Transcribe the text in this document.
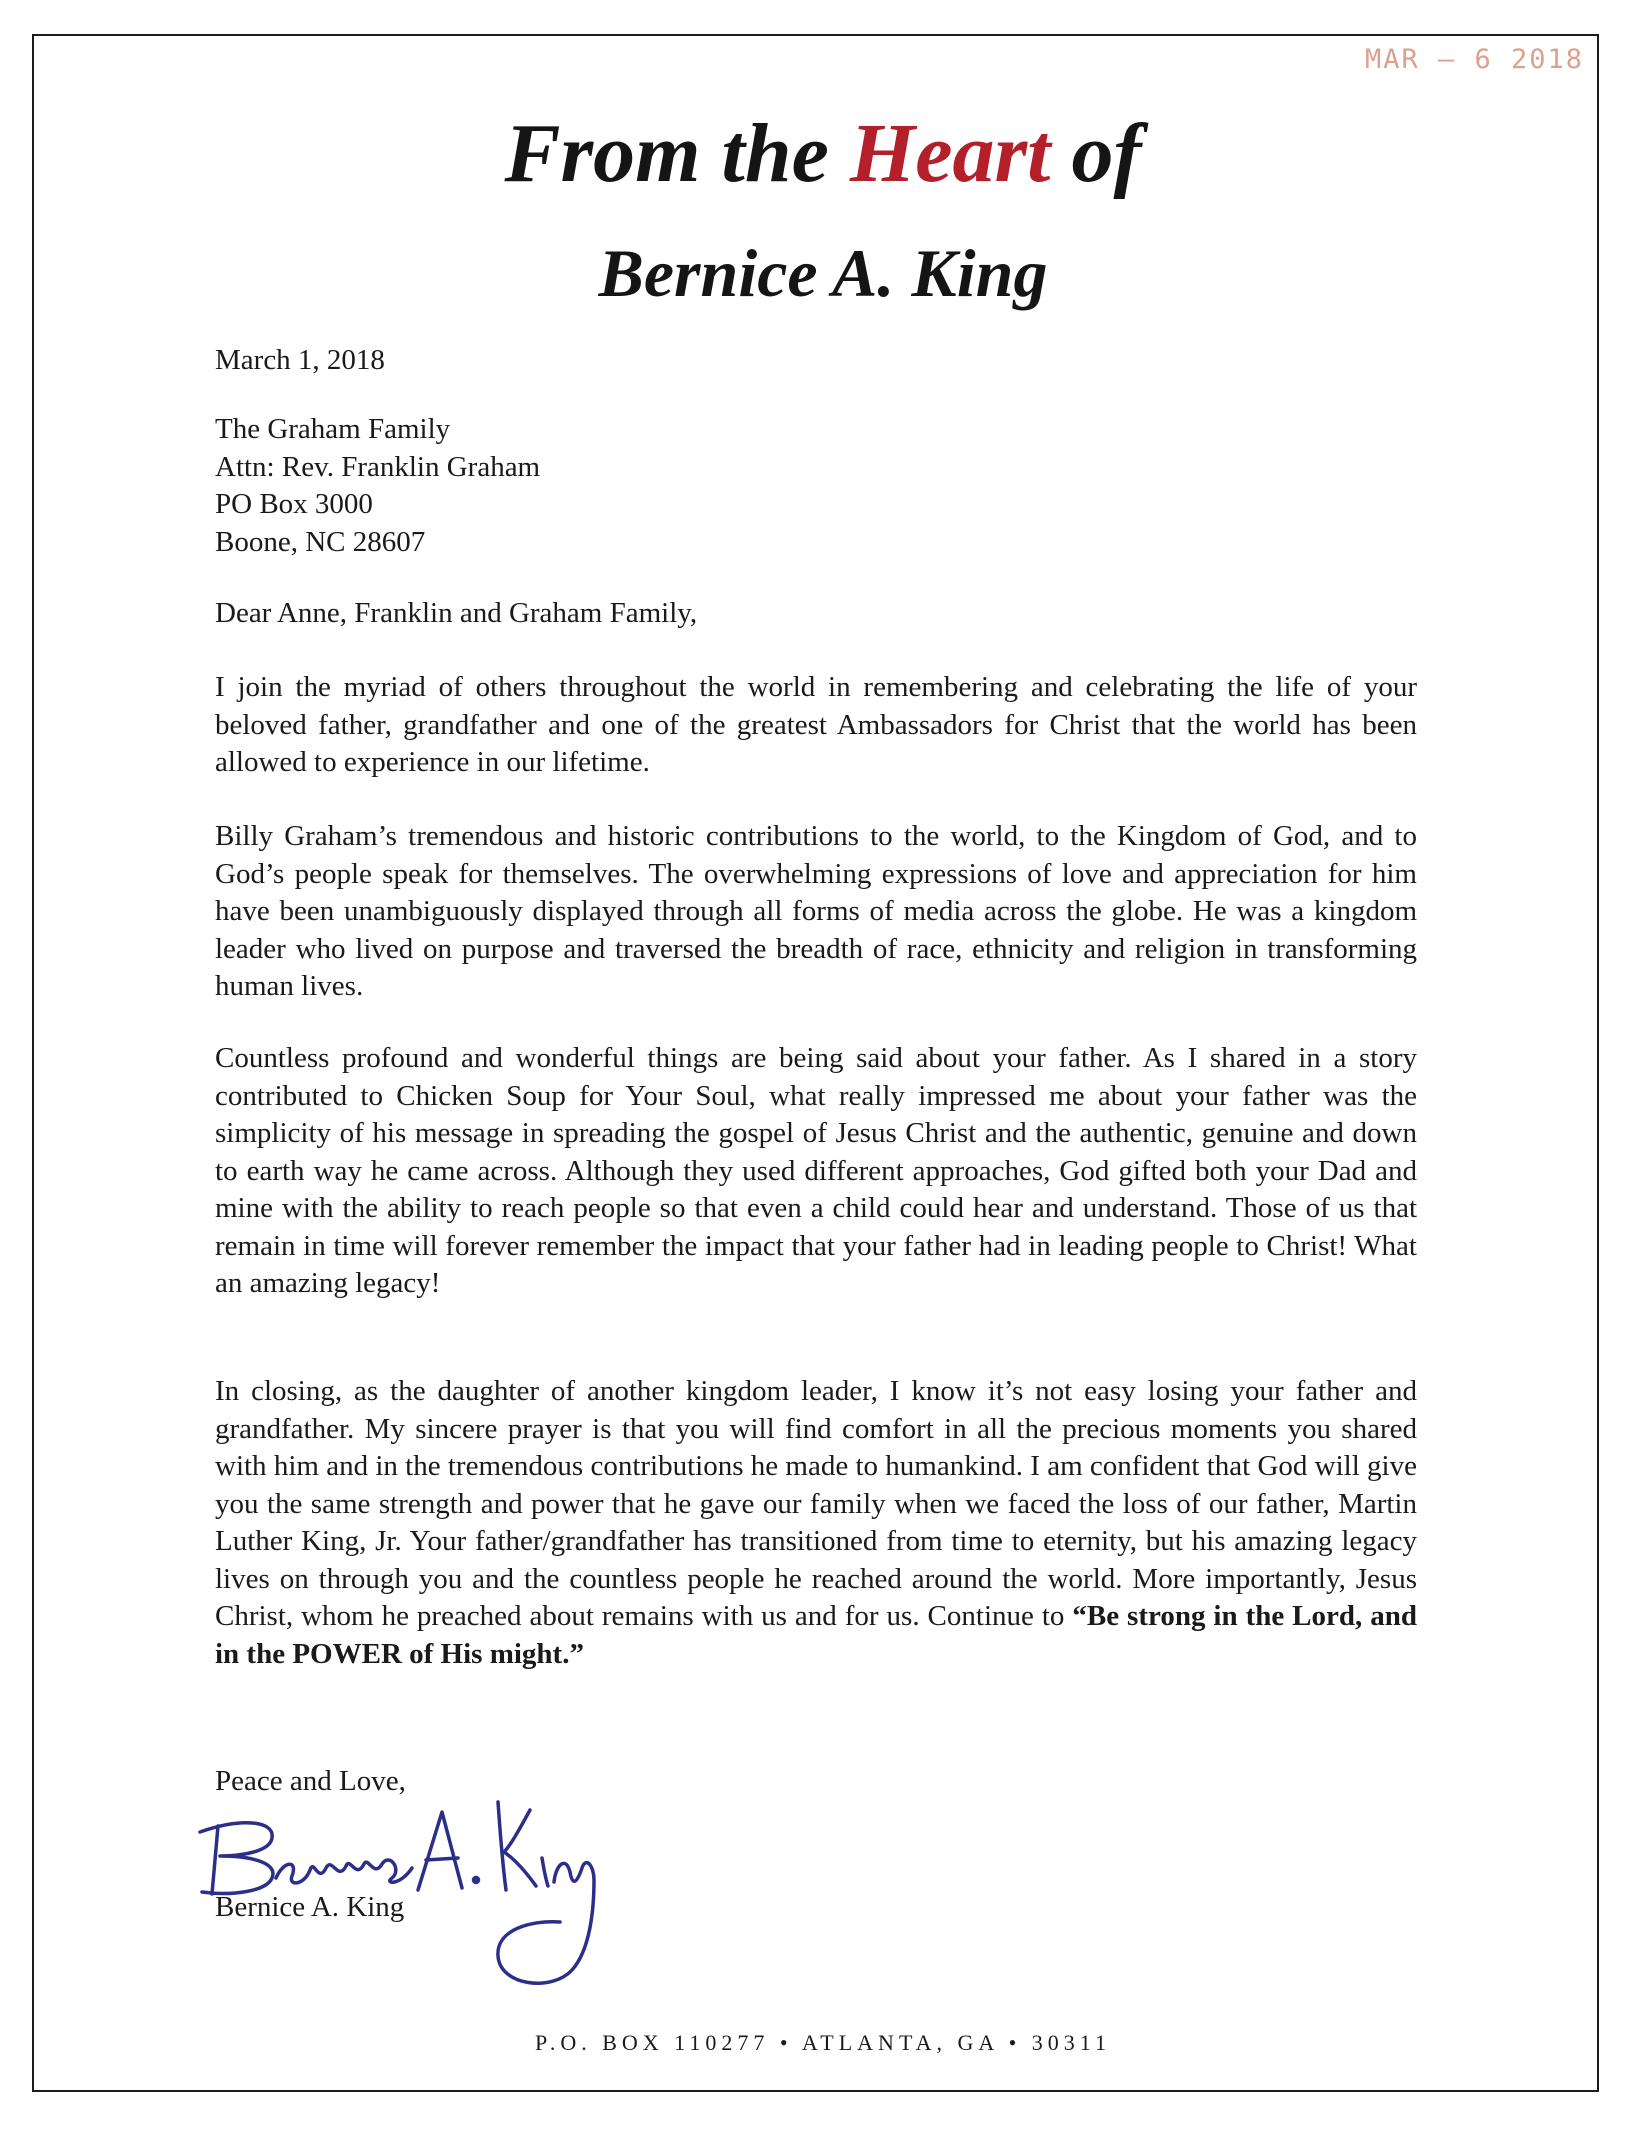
MAR – 6 2018
From the Heart of
Bernice A. King
March 1, 2018
The Graham Family
Attn: Rev. Franklin Graham
PO Box 3000
Boone, NC 28607
Dear Anne, Franklin and Graham Family,

I join the myriad of others throughout the world in remembering and celebrating the life of your beloved father, grandfather and one of the greatest Ambassadors for Christ that the world has been allowed to experience in our lifetime.

Billy Graham’s tremendous and historic contributions to the world, to the Kingdom of God, and to God’s people speak for themselves. The overwhelming expressions of love and appreciation for him have been unambiguously displayed through all forms of media across the globe. He was a kingdom leader who lived on purpose and traversed the breadth of race, ethnicity and religion in transforming human lives.

Countless profound and wonderful things are being said about your father. As I shared in a story contributed to Chicken Soup for Your Soul, what really impressed me about your father was the simplicity of his message in spreading the gospel of Jesus Christ and the authentic, genuine and down to earth way he came across. Although they used different approaches, God gifted both your Dad and mine with the ability to reach people so that even a child could hear and understand. Those of us that remain in time will forever remember the impact that your father had in leading people to Christ! What an amazing legacy!

In closing, as the daughter of another kingdom leader, I know it’s not easy losing your father and grandfather. My sincere prayer is that you will find comfort in all the precious moments you shared with him and in the tremendous contributions he made to humankind. I am confident that God will give you the same strength and power that he gave our family when we faced the loss of our father, Martin Luther King, Jr. Your father/grandfather has transitioned from time to eternity, but his amazing legacy lives on through you and the countless people he reached around the world. More importantly, Jesus Christ, whom he preached about remains with us and for us. Continue to “Be strong in the Lord, and in the POWER of His might.”

Peace and Love,
Bernice A. King
P.O. BOX 110277 • ATLANTA, GA • 30311
